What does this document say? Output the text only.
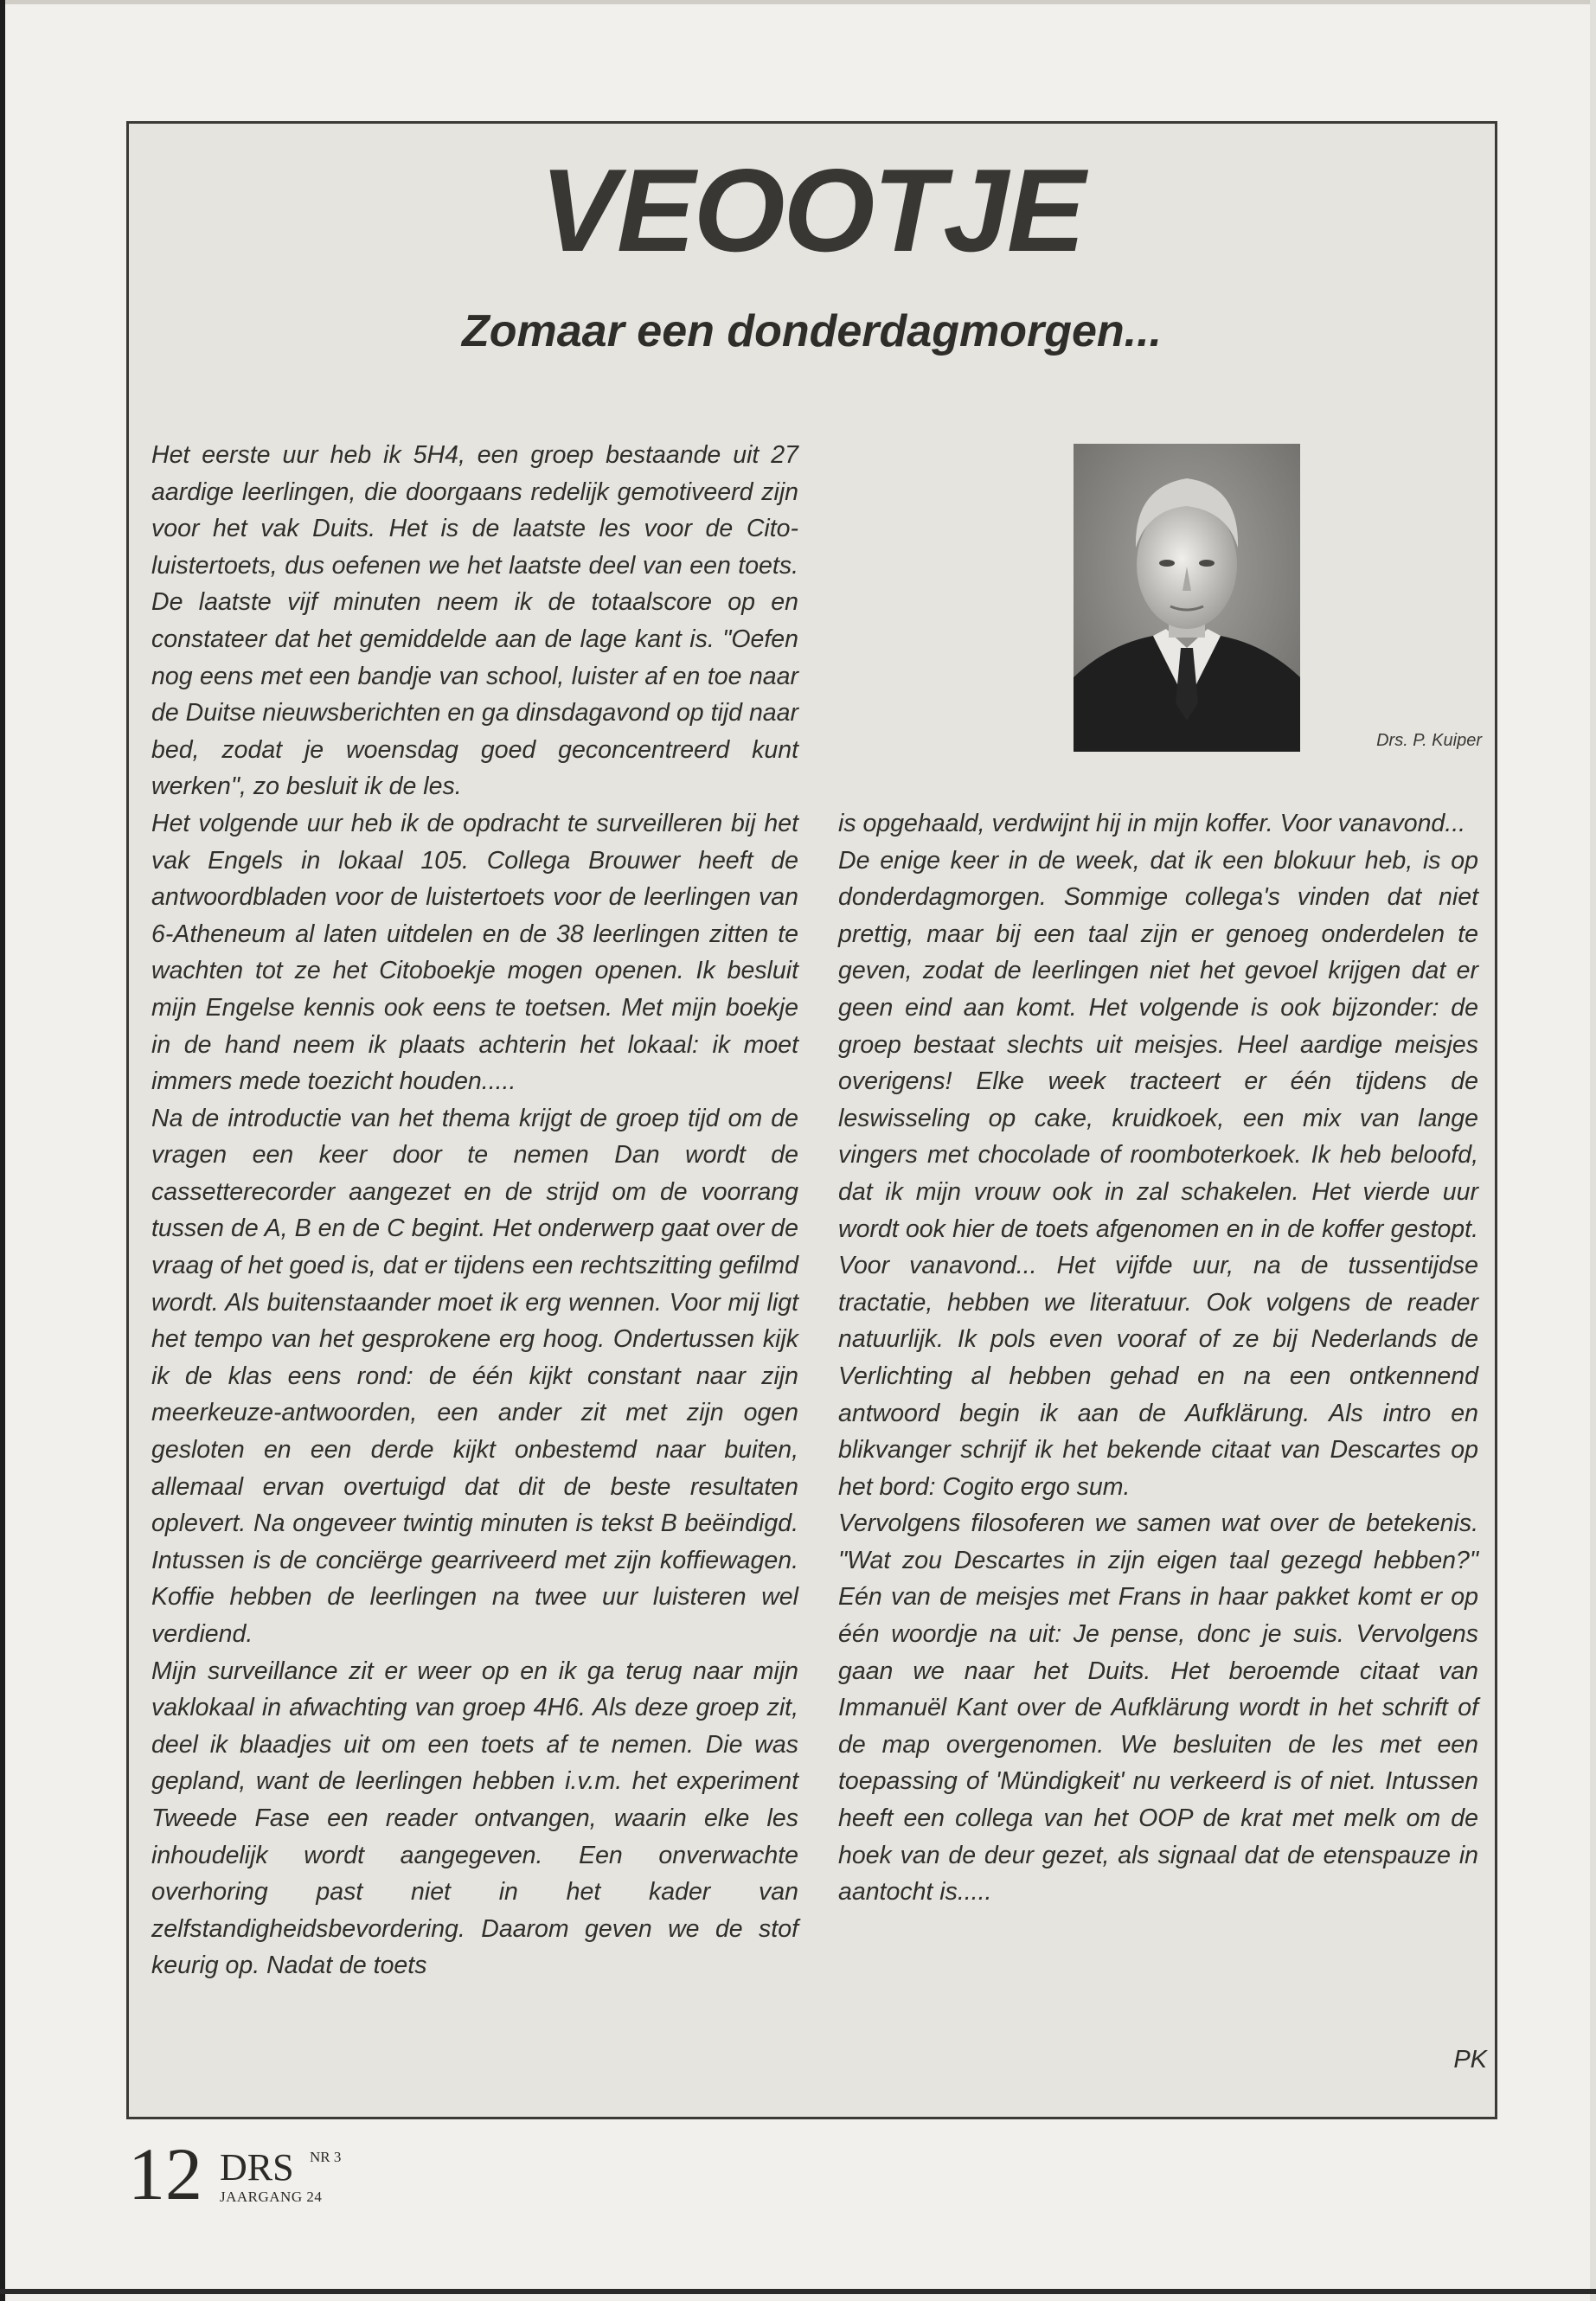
VEOOTJE
Zomaar een donderdagmorgen...

Het eerste uur heb ik 5H4, een groep bestaande uit 27 aardige leerlingen, die doorgaans redelijk gemotiveerd zijn voor het vak Duits. Het is de laatste les voor de Cito-luistertoets, dus oefenen we het laatste deel van een toets. De laatste vijf minuten neem ik de totaalscore op en constateer dat het gemiddelde aan de lage kant is. "Oefen nog eens met een bandje van school, luister af en toe naar de Duitse nieuwsberichten en ga dinsdagavond op tijd naar bed, zodat je woensdag goed geconcentreerd kunt werken", zo besluit ik de les.

Het volgende uur heb ik de opdracht te surveilleren bij het vak Engels in lokaal 105. Collega Brouwer heeft de antwoordbladen voor de luistertoets voor de leerlingen van 6-Atheneum al laten uitdelen en de 38 leerlingen zitten te wachten tot ze het Citoboekje mogen openen. Ik besluit mijn Engelse kennis ook eens te toetsen. Met mijn boekje in de hand neem ik plaats achterin het lokaal: ik moet immers mede toezicht houden.....

Na de introductie van het thema krijgt de groep tijd om de vragen een keer door te nemen Dan wordt de cassetterecorder aangezet en de strijd om de voorrang tussen de A, B en de C begint. Het onderwerp gaat over de vraag of het goed is, dat er tijdens een rechtszitting gefilmd wordt. Als buitenstaander moet ik erg wennen. Voor mij ligt het tempo van het gesprokene erg hoog. Ondertussen kijk ik de klas eens rond: de één kijkt constant naar zijn meerkeuze-antwoorden, een ander zit met zijn ogen gesloten en een derde kijkt onbestemd naar buiten, allemaal ervan overtuigd dat dit de beste resultaten oplevert. Na ongeveer twintig minuten is tekst B beëindigd. Intussen is de conciërge gearriveerd met zijn koffiewagen. Koffie hebben de leerlingen na twee uur luisteren wel verdiend.

Mijn surveillance zit er weer op en ik ga terug naar mijn vaklokaal in afwachting van groep 4H6. Als deze groep zit, deel ik blaadjes uit om een toets af te nemen. Die was gepland, want de leerlingen hebben i.v.m. het experiment Tweede Fase een reader ontvangen, waarin elke les inhoudelijk wordt aangegeven. Een onverwachte overhoring past niet in het kader van zelfstandigheidsbevordering. Daarom geven we de stof keurig op. Nadat de toets

Drs. P. Kuiper

is opgehaald, verdwijnt hij in mijn koffer. Voor vanavond...

De enige keer in de week, dat ik een blokuur heb, is op donderdagmorgen. Sommige collega's vinden dat niet prettig, maar bij een taal zijn er genoeg onderdelen te geven, zodat de leerlingen niet het gevoel krijgen dat er geen eind aan komt. Het volgende is ook bijzonder: de groep bestaat slechts uit meisjes. Heel aardige meisjes overigens! Elke week tracteert er één tijdens de leswisseling op cake, kruidkoek, een mix van lange vingers met chocolade of roomboterkoek. Ik heb beloofd, dat ik mijn vrouw ook in zal schakelen. Het vierde uur wordt ook hier de toets afgenomen en in de koffer gestopt. Voor vanavond... Het vijfde uur, na de tussentijdse tractatie, hebben we literatuur. Ook volgens de reader natuurlijk. Ik pols even vooraf of ze bij Nederlands de Verlichting al hebben gehad en na een ontkennend antwoord begin ik aan de Aufklärung. Als intro en blikvanger schrijf ik het bekende citaat van Descartes op het bord: Cogito ergo sum.

Vervolgens filosoferen we samen wat over de betekenis. "Wat zou Descartes in zijn eigen taal gezegd hebben?" Eén van de meisjes met Frans in haar pakket komt er op één woordje na uit: Je pense, donc je suis. Vervolgens gaan we naar het Duits. Het beroemde citaat van Immanuël Kant over de Aufklärung wordt in het schrift of de map overgenomen. We besluiten de les met een toepassing of 'Mündigkeit' nu verkeerd is of niet. Intussen heeft een collega van het OOP de krat met melk om de hoek van de deur gezet, als signaal dat de etenspauze in aantocht is.....

PK
12 DRS NR 3
JAARGANG 24
